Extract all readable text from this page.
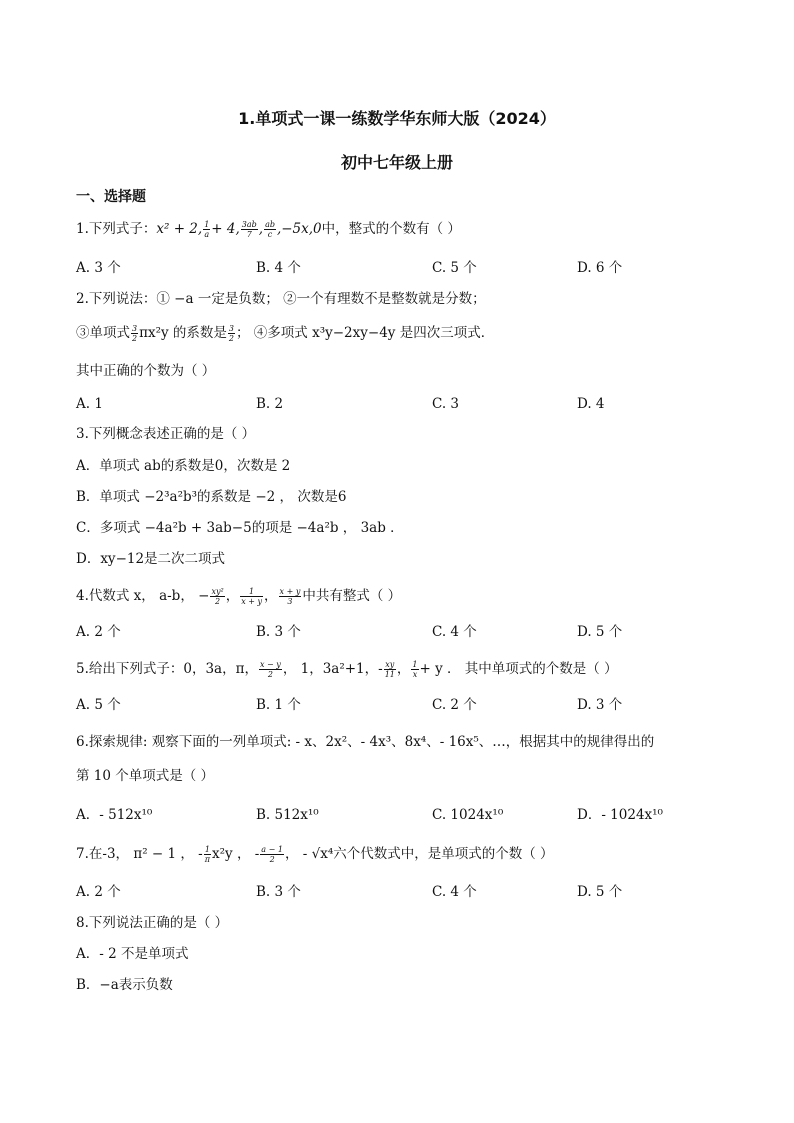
1.单项式一课一练数学华东师大版（2024）
初中七年级上册
一、选择题
1.下列式子：x² + 2, $\frac{1}{a} + 4$, $\frac{3ab}{7}$ , $\frac{ab}{c} ,-5x,0$中，整式的个数有（ ）
A. 3 个	B. 4 个	C. 5 个	D. 6 个
2.下列说法：① −a 一定是负数； ②一个有理数不是整数就是分数；
③单项式 $\frac{3}{2} \pi x^2y$ 的系数是 $\frac{3}{2}$ ； ④多项式 x³y−2xy−4y 是四次三项式．
其中正确的个数为（ ）
A. 1	B. 2	C. 3	D. 4
3.下列概念表述正确的是（ ）
A．单项式 ab的系数是0，次数是 2
B．单项式 −2³a²b³的系数是 −2 ， 次数是6
C．多项式 −4a²b + 3ab−5的项是 −4a²b ， 3ab ．
D．xy−12是二次二项式
4.代数式 x， a-b， − $\frac{\text{xy²}}{2}$ ， $\frac{1}{x + y}$ ， $\frac{x + y}{3}$ 中共有整式（ ）
A. 2 个	B. 3 个	C. 4 个	D. 5 个
5.给出下列式子：0，3a，π， $\frac{x - y}{2}$ ， 1，3a²+1，- $\frac{xy}{11}$ ， $\frac{1}{x} + y$ ． 其中单项式的个数是（ ）
A. 5 个	B. 1 个	C. 2 个	D. 3 个
6.探索规律: 观察下面的一列单项式: - x、2x²、- 4x³、8x⁴、- 16x⁵、…，根据其中的规律得出的
第 10 个单项式是（ ）
A．- 512x¹⁰	B. 512x¹⁰	C. 1024x¹⁰	D．- 1024x¹⁰
7.在-3， π² − 1 ， - $\frac{1}{\pi} x^2y$ ， - $\frac{a - 1}{2}$ ， - √x⁴六个代数式中，是单项式的个数（ ）
A. 2 个	B. 3 个	C. 4 个	D. 5 个
8.下列说法正确的是（ ）
A．- 2 不是单项式
B．−a表示负数
